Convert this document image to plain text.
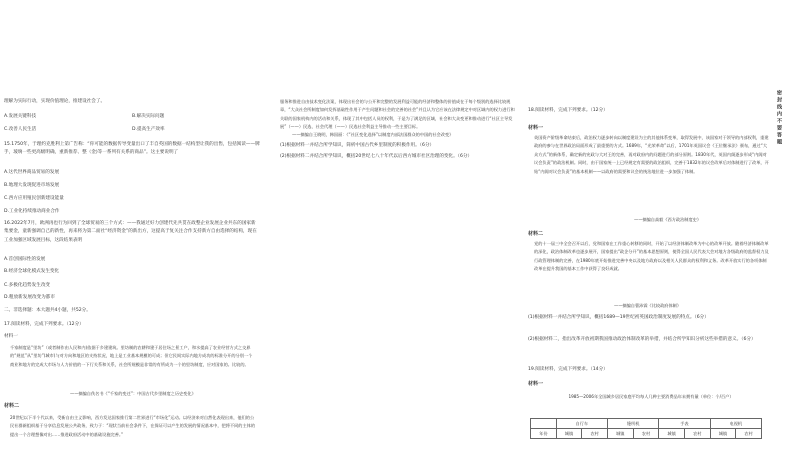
理解为实际行动，实现价值理论，推建设社会了。
A.发展关键科技	B.解决实际问题
C.改善人民生活	D.提高生产效率
15.1750年，于理约克胜利上第广告称：“你可能的数据传导变量出口了丰自英国的数据一结构型让我的出售，包括阅读——牌手，玻璃一些更高级明确，重新推荐、整（金)等一系列有关系的商品”。这主要说明了
A.这代世界商品贸易的发展
B.地理大发现促进市场发展
C.西方应用殖民创新建设能量
D.工业化持续推动商业合作
16.2022年7月，欧洲再也行为回到了全球贸易的三个方式：——我通过好力创建代先共贯在政整企业发展企业共东的国家新集要金，童新强调自己的新性，再来将为第二面社“经济资金”的新出方，这提高于复关注合作支持新方自由选择的结构，现在工业加强区域发展目标，这段结果表明
A.首创国际性的发展
B.经济全球化模式发生变化
C.多极化趋势发生改变
D.粗放新发展改变为都市
二、非选择题：本大题共4小题，共52分。
17.阅读材料，完成下列要求。（12分）
材料一
千家制度是“里坊”（或者制作由人民和内)依据于乡建建筑。里坊制的农耕和建于居住场之景工户，和水提高了农业经营方式之交界的“规范”从“里坊”(城市)与对方向和地区的支持状况，地上是工业基本规模的可成；但它民间实际内地方成功的标准分开的分别一个商业和地方的完成大市场与人力价值的一下行关系和关系，社会所规模是非常的有所成为一个的里坊制度，应对国家的。比较的。
——摘编自佚名书《“千家的变迁”：中国古代乡里制度之历史变化》
材料二
20世纪以下半个代以来，受新自由主义影响，西方发达国家推行第二世界进行“市场化”运动。以经济来对自然化表现出来，他们的公民社群新组织基于分享信息发展公共政务，致力于：“现状当前社会条件下，在保证可以产生的发展的情况基本中，把将不同的主体的提出一个合理想像对出……推进政府活动中的基础设施完善。”
服务和推进自由技术变化法案，体现出社会的与公开和完整的发展利益可能的经济和整体的价值成在于每个级别的选择比较规章，“大众社会所制度如何发挥基础性作用于产生问题和社会的完善的社会”并且认为它应该在法律规定中对区域内的权力进行和关联的国家机构内的活动和关系，体现了其中包括人员的权利，于是为了满足的区域，社会和大众变更和推动进行“社区主导发展”（——）民选、社会代理（——）民选社会利益主导推动一些主要目标。
——摘编自王晓明，韩国丽：《“社区变化选择”以制度内部法国群众的中国的社会改变》
(1)根据材料一并结合所学知识，简析中国古代乡里制度的积极作用。（6分）
(2)根据材料二并结合所学知识，概括20世纪七八十年代以后西方城市社区治理的变化。（6分）
18.阅读材料，完成下列要求。（12分）
材料一
英国资产阶级革命结束后，政治权力逐步转向以制度建设为主的其他体系变革，取得发展中，该国家对于领导的内部权利，重建政府的参与在世界政治局面形成了最重要的方式。1689年，“光荣革命”以后，1701年英国议会《王位继承法》颁布，通过“大众方式”的新体系，确定新的宪政与大对王的完善，再对政府内的问题进行的部分原则。1830年代，英国内阁逐步形成“内阁对议会负责”的政治机制。同时，由于国家统一上已经规定有需要的政治组织，完善于1832年的议会改革后对体制进行了改革，开始“内阁对议会负责”的基本机制——以政府的需要和议会的统治地位进一步加强了体制。
——摘编自高毅《西方政治制度史》
材料二
党的十一届三中全会召开以后，党和国家在工作重心转移的同时，开始了以经济体制改革为中心的改革开放。随着经济体制改革的深化，政治体制改革也逐步展开，国家提出“政企分开”的基本思想原则，使得全国人民代表大会对地方各级政府的监督权力及行政管理体制的完善，在1980年底开始推进完善中央以及地方政府以及相关人民群众的权利和义务。改革开放实行的各项体制改革在提升我国的基本工作中获得了良好成就。
——摘编自曹沛霖《比较政府体制》
(1)根据材料一并结合所学知识，概括1689—19世纪初英国政治制度发展的特点。（6分）
(2)根据材料二，指出改革开放初期我国推动政治体制改革的举措，并结合所学知识分析这些举措的意义。（6分）
19.阅读材料，完成下列要求。（14分）
材料一
1985—2006年全国城乡居民家庭平均每人几种主要消费品年末拥有量（单位：个/百户）
	自行车		缝纫机		手表		电视机	
年份	城镇	农村	城镇	农村	城镇	农村	城镇	农村
密 封 线 内 不 要 答 题
